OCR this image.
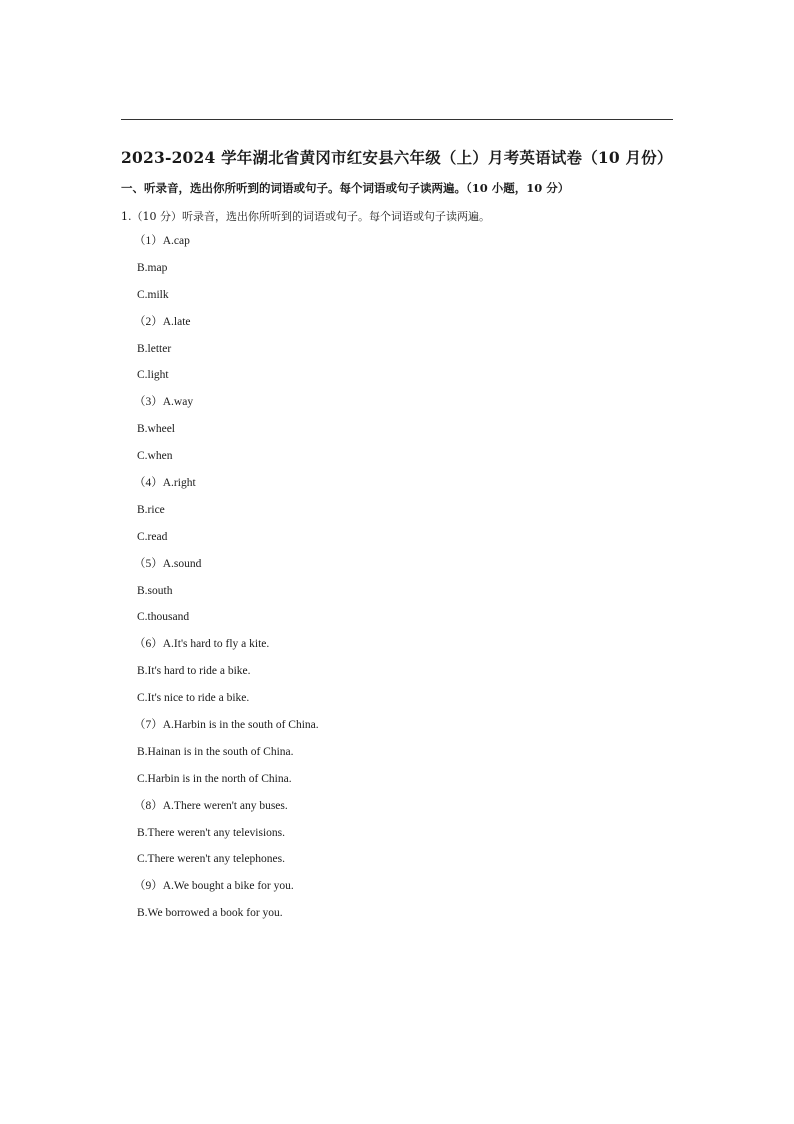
2023-2024 学年湖北省黄冈市红安县六年级（上）月考英语试卷（10 月份）
一、听录音，选出你所听到的词语或句子。每个词语或句子读两遍。（10 小题，10 分）
1.（10 分）听录音，选出你所听到的词语或句子。每个词语或句子读两遍。
（1）A.cap
B.map
C.milk
（2）A.late
B.letter
C.light
（3）A.way
B.wheel
C.when
（4）A.right
B.rice
C.read
（5）A.sound
B.south
C.thousand
（6）A.It's hard to fly a kite.
B.It's hard to ride a bike.
C.It's nice to ride a bike.
（7）A.Harbin is in the south of China.
B.Hainan is in the south of China.
C.Harbin is in the north of China.
（8）A.There weren't any buses.
B.There weren't any televisions.
C.There weren't any telephones.
（9）A.We bought a bike for you.
B.We borrowed a book for you.
